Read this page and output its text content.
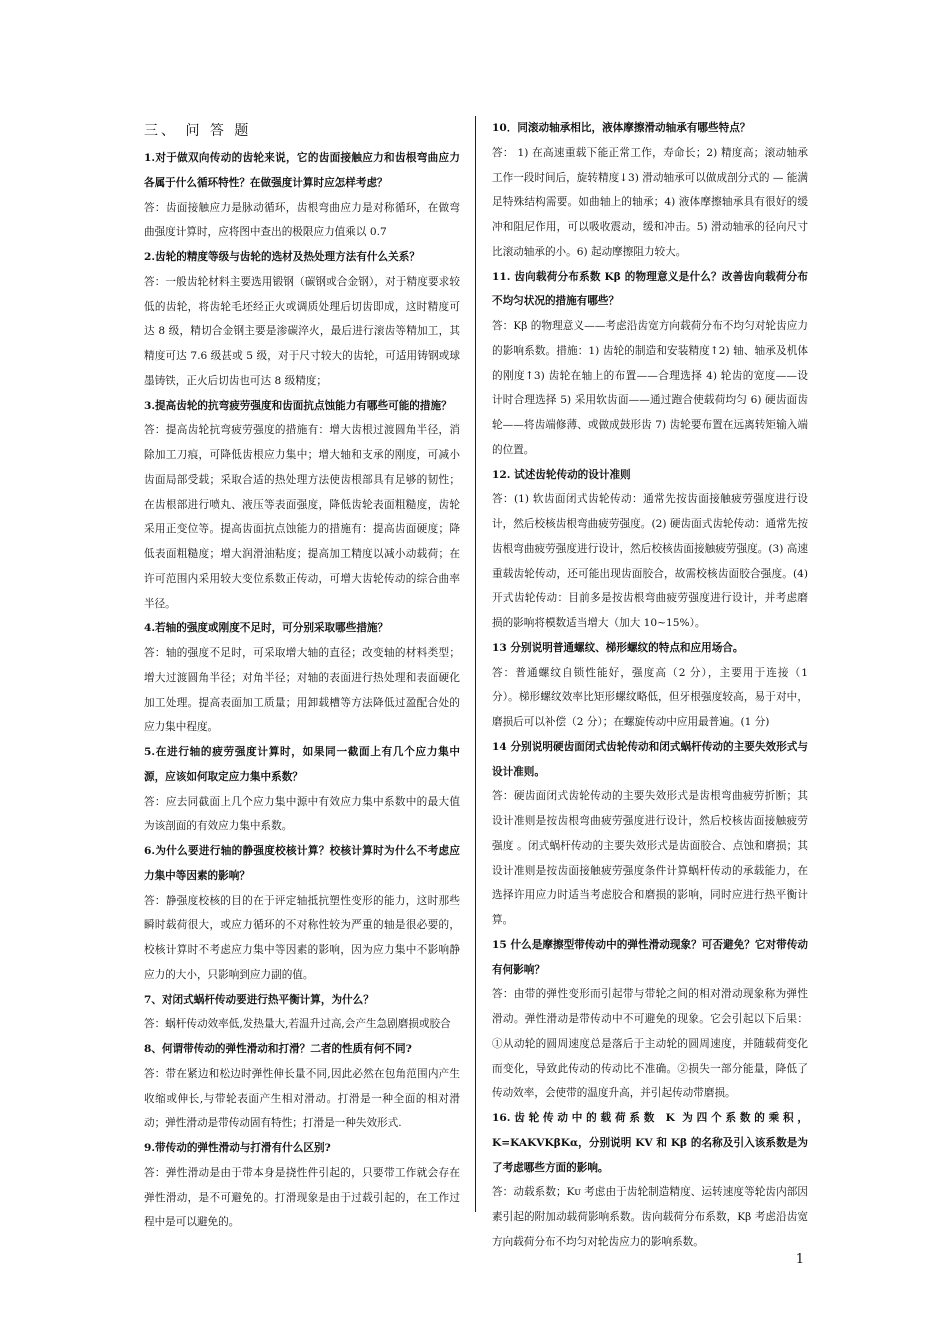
三、 问 答 题

1.对于做双向传动的齿轮来说，它的齿面接触应力和齿根弯曲应力各属于什么循环特性？在做强度计算时应怎样考虑？

答：齿面接触应力是脉动循环，齿根弯曲应力是对称循环，在做弯曲强度计算时，应将图中查出的极限应力值乘以 0.7

2.齿轮的精度等级与齿轮的选材及热处理方法有什么关系？

答：一般齿轮材料主要选用锻钢（碳钢或合金钢），对于精度要求较低的齿轮，将齿轮毛坯经正火或调质处理后切齿即成，这时精度可达 8 级，精切合金钢主要是渗碳淬火，最后进行滚齿等精加工，其精度可达 7.6 级甚或 5 级，对于尺寸较大的齿轮，可适用铸钢或球墨铸铁，正火后切齿也可达 8 级精度；

3.提高齿轮的抗弯疲劳强度和齿面抗点蚀能力有哪些可能的措施？

答：提高齿轮抗弯疲劳强度的措施有：增大齿根过渡圆角半径，消除加工刀痕，可降低齿根应力集中；增大轴和支承的刚度，可减小齿面局部受载；采取合适的热处理方法使齿根部具有足够的韧性；在齿根部进行喷丸、液压等表面强度，降低齿轮表面粗糙度，齿轮采用正变位等。提高齿面抗点蚀能力的措施有：提高齿面硬度；降低表面粗糙度；增大润滑油粘度；提高加工精度以减小动载荷；在许可范围内采用较大变位系数正传动，可增大齿轮传动的综合曲率半径。

4.若轴的强度或刚度不足时，可分别采取哪些措施？

答：轴的强度不足时，可采取增大轴的直径；改变轴的材料类型；增大过渡圆角半径；对角半径；对轴的表面进行热处理和表面硬化加工处理。提高表面加工质量；用卸载槽等方法降低过盈配合处的应力集中程度。

5.在进行轴的疲劳强度计算时，如果同一截面上有几个应力集中源，应该如何取定应力集中系数？

答：应去同截面上几个应力集中源中有效应力集中系数中的最大值为该剖面的有效应力集中系数。

6.为什么要进行轴的静强度校核计算？校核计算时为什么不考虑应力集中等因素的影响？

答：静强度校核的目的在于评定轴抵抗塑性变形的能力，这时那些瞬时载荷很大，或应力循环的不对称性较为严重的轴是很必要的，校核计算时不考虑应力集中等因素的影响，因为应力集中不影响静应力的大小，只影响到应力副的值。

7、对闭式蜗杆传动要进行热平衡计算，为什么？

答：蜗杆传动效率低,发热量大,若温升过高,会产生急剧磨损或胶合

8、何谓带传动的弹性滑动和打滑？二者的性质有何不同?

答：带在紧边和松边时弹性伸长量不同,因此必然在包角范围内产生收缩或伸长,与带轮表面产生相对滑动。打滑是一种全面的相对滑动；弹性滑动是带传动固有特性；打滑是一种失效形式.

9.带传动的弹性滑动与打滑有什么区别?

答：弹性滑动是由于带本身是挠性件引起的，只要带工作就会存在弹性滑动，是不可避免的。打滑现象是由于过载引起的，在工作过程中是可以避免的。

10．同滚动轴承相比，液体摩擦滑动轴承有哪些特点？

答： 1) 在高速重载下能正常工作，寿命长；2) 精度高；滚动轴承工作一段时间后，旋转精度↓3) 滑动轴承可以做成剖分式的 — 能满足特殊结构需要。如曲轴上的轴承；4) 液体摩擦轴承具有很好的缓冲和阻尼作用，可以吸收震动，缓和冲击。5) 滑动轴承的径向尺寸比滚动轴承的小。6) 起动摩擦阻力较大。

11. 齿向载荷分布系数 Kβ 的物理意义是什么？改善齿向载荷分布不均匀状况的措施有哪些？

答：Kβ 的物理意义——考虑沿齿宽方向载荷分布不均匀对轮齿应力的影响系数。措施：1) 齿轮的制造和安装精度↑2) 轴、轴承及机体的刚度↑3) 齿轮在轴上的布置——合理选择 4) 轮齿的宽度——设计时合理选择 5) 采用软齿面——通过跑合使载荷均匀 6) 硬齿面齿轮——将齿端修薄、或做成鼓形齿 7) 齿轮要布置在远离转矩输入端的位置。

12. 试述齿轮传动的设计准则

答：(1) 软齿面闭式齿轮传动：通常先按齿面接触疲劳强度进行设计，然后校核齿根弯曲疲劳强度。(2) 硬齿面式齿轮传动：通常先按齿根弯曲疲劳强度进行设计，然后校核齿面接触疲劳强度。(3) 高速重载齿轮传动，还可能出现齿面胶合，故需校核齿面胶合强度。(4) 开式齿轮传动：目前多是按齿根弯曲疲劳强度进行设计，并考虑磨损的影响将模数适当增大（加大 10~15%）。

13 分别说明普通螺纹、梯形螺纹的特点和应用场合。

答：普通螺纹自锁性能好，强度高（2 分），主要用于连接（1 分）。梯形螺纹效率比矩形螺纹略低，但牙根强度较高，易于对中，磨损后可以补偿（2 分）；在螺旋传动中应用最普遍。(1 分)

14 分别说明硬齿面闭式齿轮传动和闭式蜗杆传动的主要失效形式与设计准则。

答：硬齿面闭式齿轮传动的主要失效形式是齿根弯曲疲劳折断；其设计准则是按齿根弯曲疲劳强度进行设计，然后校核齿面接触疲劳强度 。闭式蜗杆传动的主要失效形式是齿面胶合、点蚀和磨损；其设计准则是按齿面接触疲劳强度条件计算蜗杆传动的承载能力，在选择许用应力时适当考虑胶合和磨损的影响，同时应进行热平衡计算。

15 什么是摩擦型带传动中的弹性滑动现象？可否避免？它对带传动有何影响？

答：由带的弹性变形而引起带与带轮之间的相对滑动现象称为弹性滑动。弹性滑动是带传动中不可避免的现象。它会引起以下后果：①从动轮的圆周速度总是落后于主动轮的圆周速度，并随载荷变化而变化，导致此传动的传动比不准确。②损失一部分能量，降低了传动效率，会使带的温度升高，并引起传动带磨损。

16.齿轮传动中的载荷系数 K 为四个系数的乘积，K=KAKVKβKα，分别说明 KV 和 Kβ 的名称及引入该系数是为了考虑哪些方面的影响。

答：动载系数；Kᴜ 考虑由于齿轮制造精度、运转速度等轮齿内部因素引起的附加动载荷影响系数。齿向载荷分布系数，Kβ 考虑沿齿宽方向载荷分布不均匀对轮齿应力的影响系数。

1
